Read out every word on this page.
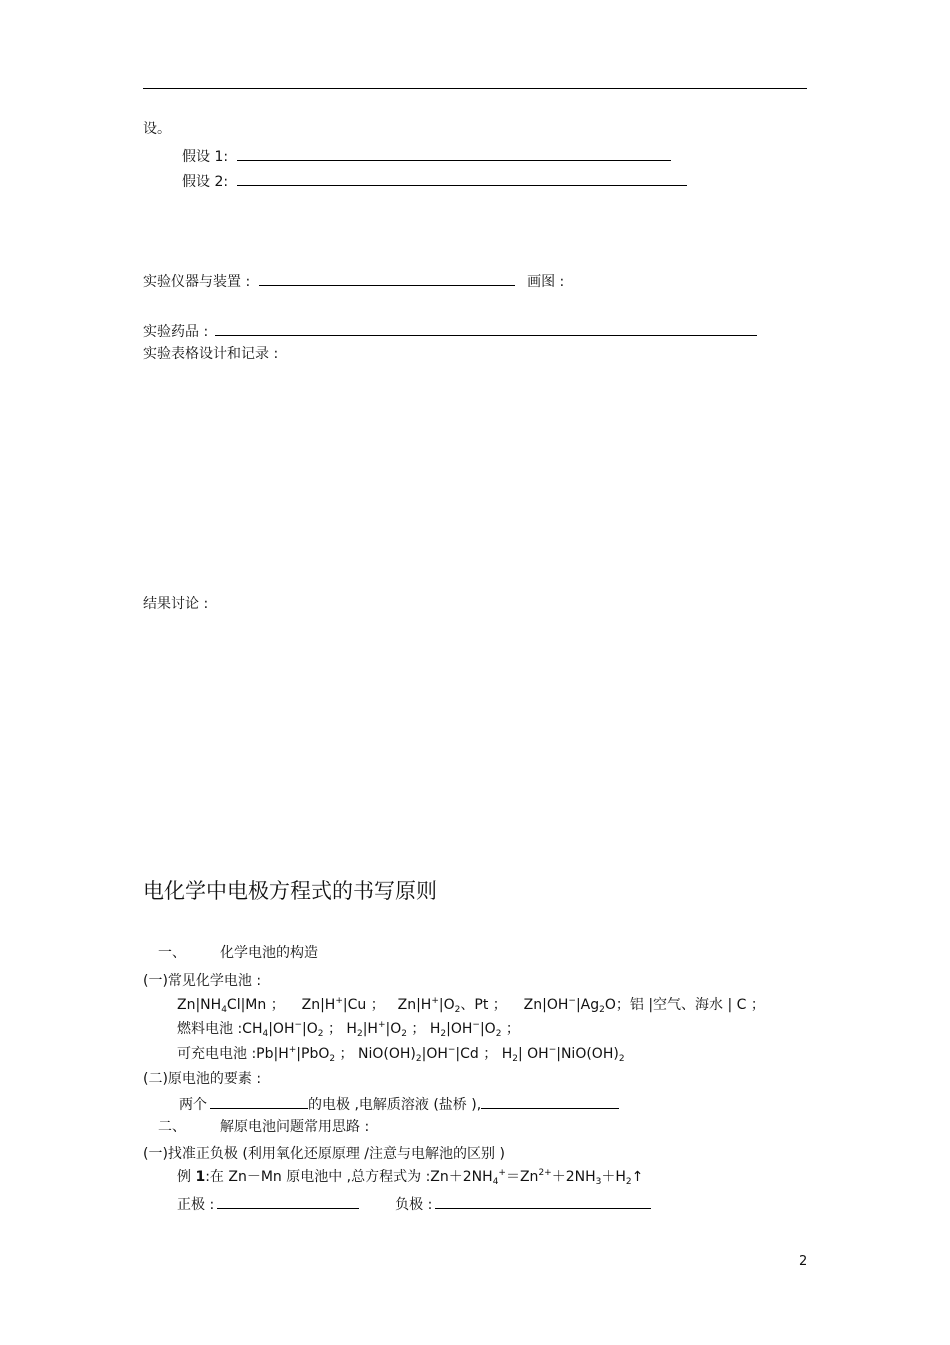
设。
假设 1:
假设 2:
实验仪器与装置 :	画图 :
实验药品 :
实验表格设计和记录 :
结果讨论 :
电化学中电极方程式的书写原则
一、 化学电池的构造
(一)常见化学电池 :
$Zn|NH_4Cl|Mn$ ； Zn|H+|Cu ； $Zn|H^+|O_2$、Pt ； $Zn|OH^-|Ag_2O$；铝 |空气、海水 | C ；
燃料电池 $:CH_4|OH^-|O_2$ ； $H_2|H^+|O_2$ ； $H_2|OH^-|O_2$ ；
可充电电池 :Pb|H+|PbO$_2$ ； $NiO(OH)_2|OH^-|Cd$ ； $H_2|$ $OH^-|NiO(OH)_2$
(二)原电池的要素 :
两个	的电极 ,电解质溶液 (盐桥 ),
二、 解原电池问题常用思路 :
(一)找准正负极 (利用氧化还原原理 /注意与电解池的区别 )
例 1:在 Zn－Mn 原电池中 ,总方程式为 $:Zn+2NH_4^+=Zn^{2+}+2NH_3+H_2↑$
正极 :	负极 :
2
